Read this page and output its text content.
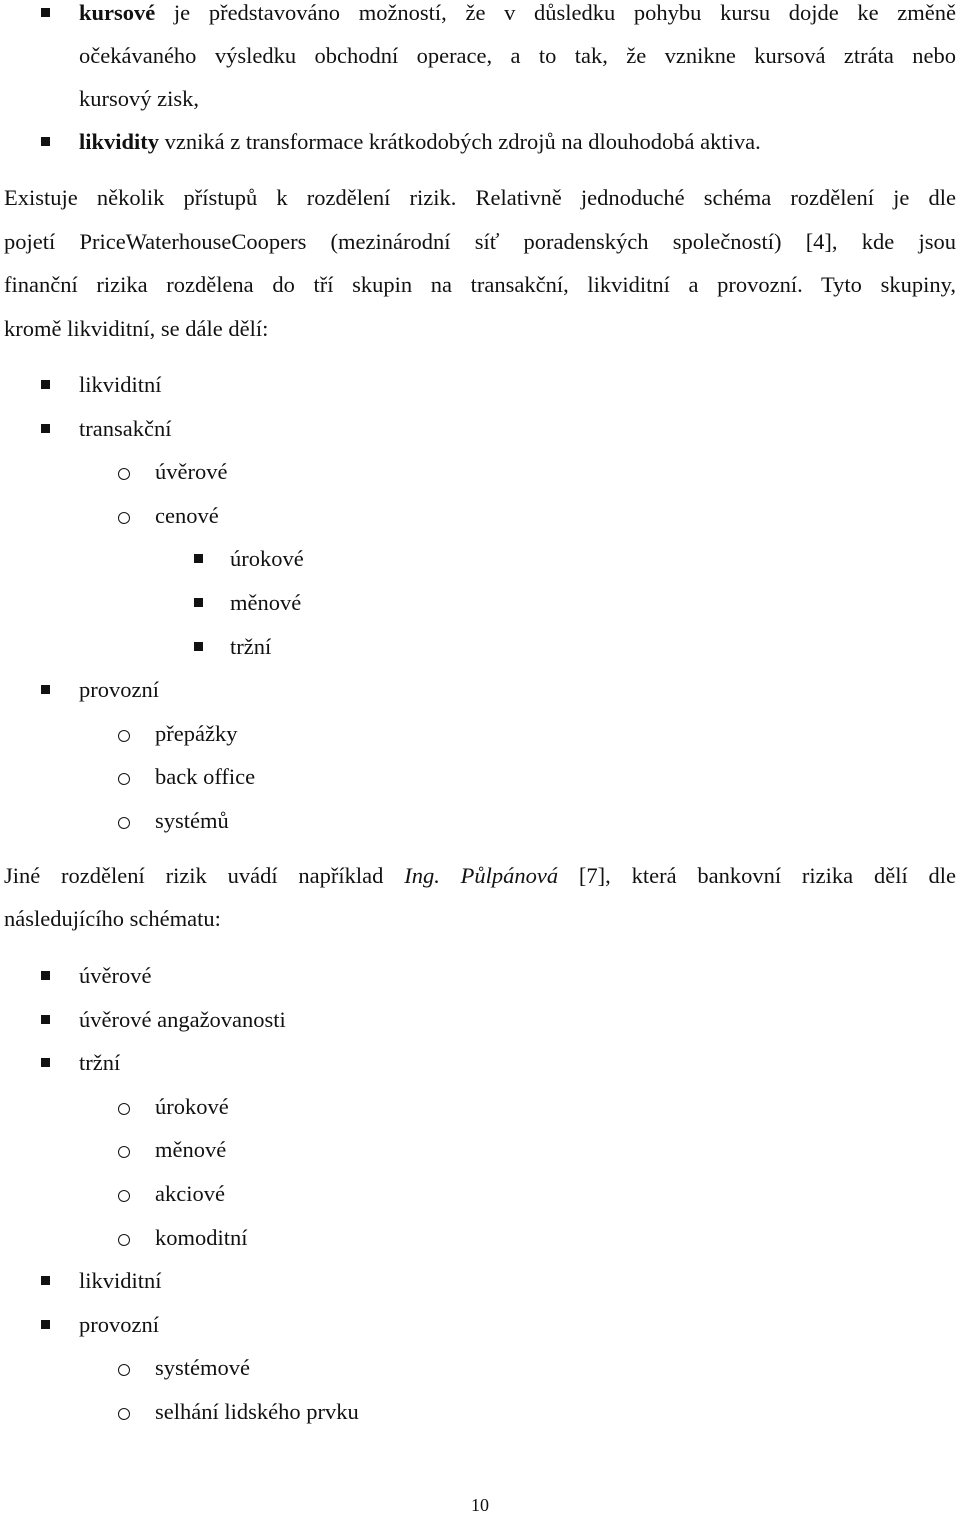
kursové je představováno možností, že v důsledku pohybu kursu dojde ke změně
očekávaného výsledku obchodní operace, a to tak, že vznikne kursová ztráta nebo
kursový zisk,
likvidity vzniká z transformace krátkodobých zdrojů na dlouhodobá aktiva.
Existuje několik přístupů k rozdělení rizik. Relativně jednoduché schéma rozdělení je dle
pojetí PriceWaterhouseCoopers (mezinárodní síť poradenských společností) [4], kde jsou
finanční rizika rozdělena do tří skupin na transakční, likviditní a provozní. Tyto skupiny,
kromě likviditní, se dále dělí:
likviditní
transakční
úvěrové
cenové
úrokové
měnové
tržní
provozní
přepážky
back office
systémů
Jiné rozdělení rizik uvádí například Ing. Půlpánová [7], která bankovní rizika dělí dle
následujícího schématu:
úvěrové
úvěrové angažovanosti
tržní
úrokové
měnové
akciové
komoditní
likviditní
provozní
systémové
selhání lidského prvku
10
